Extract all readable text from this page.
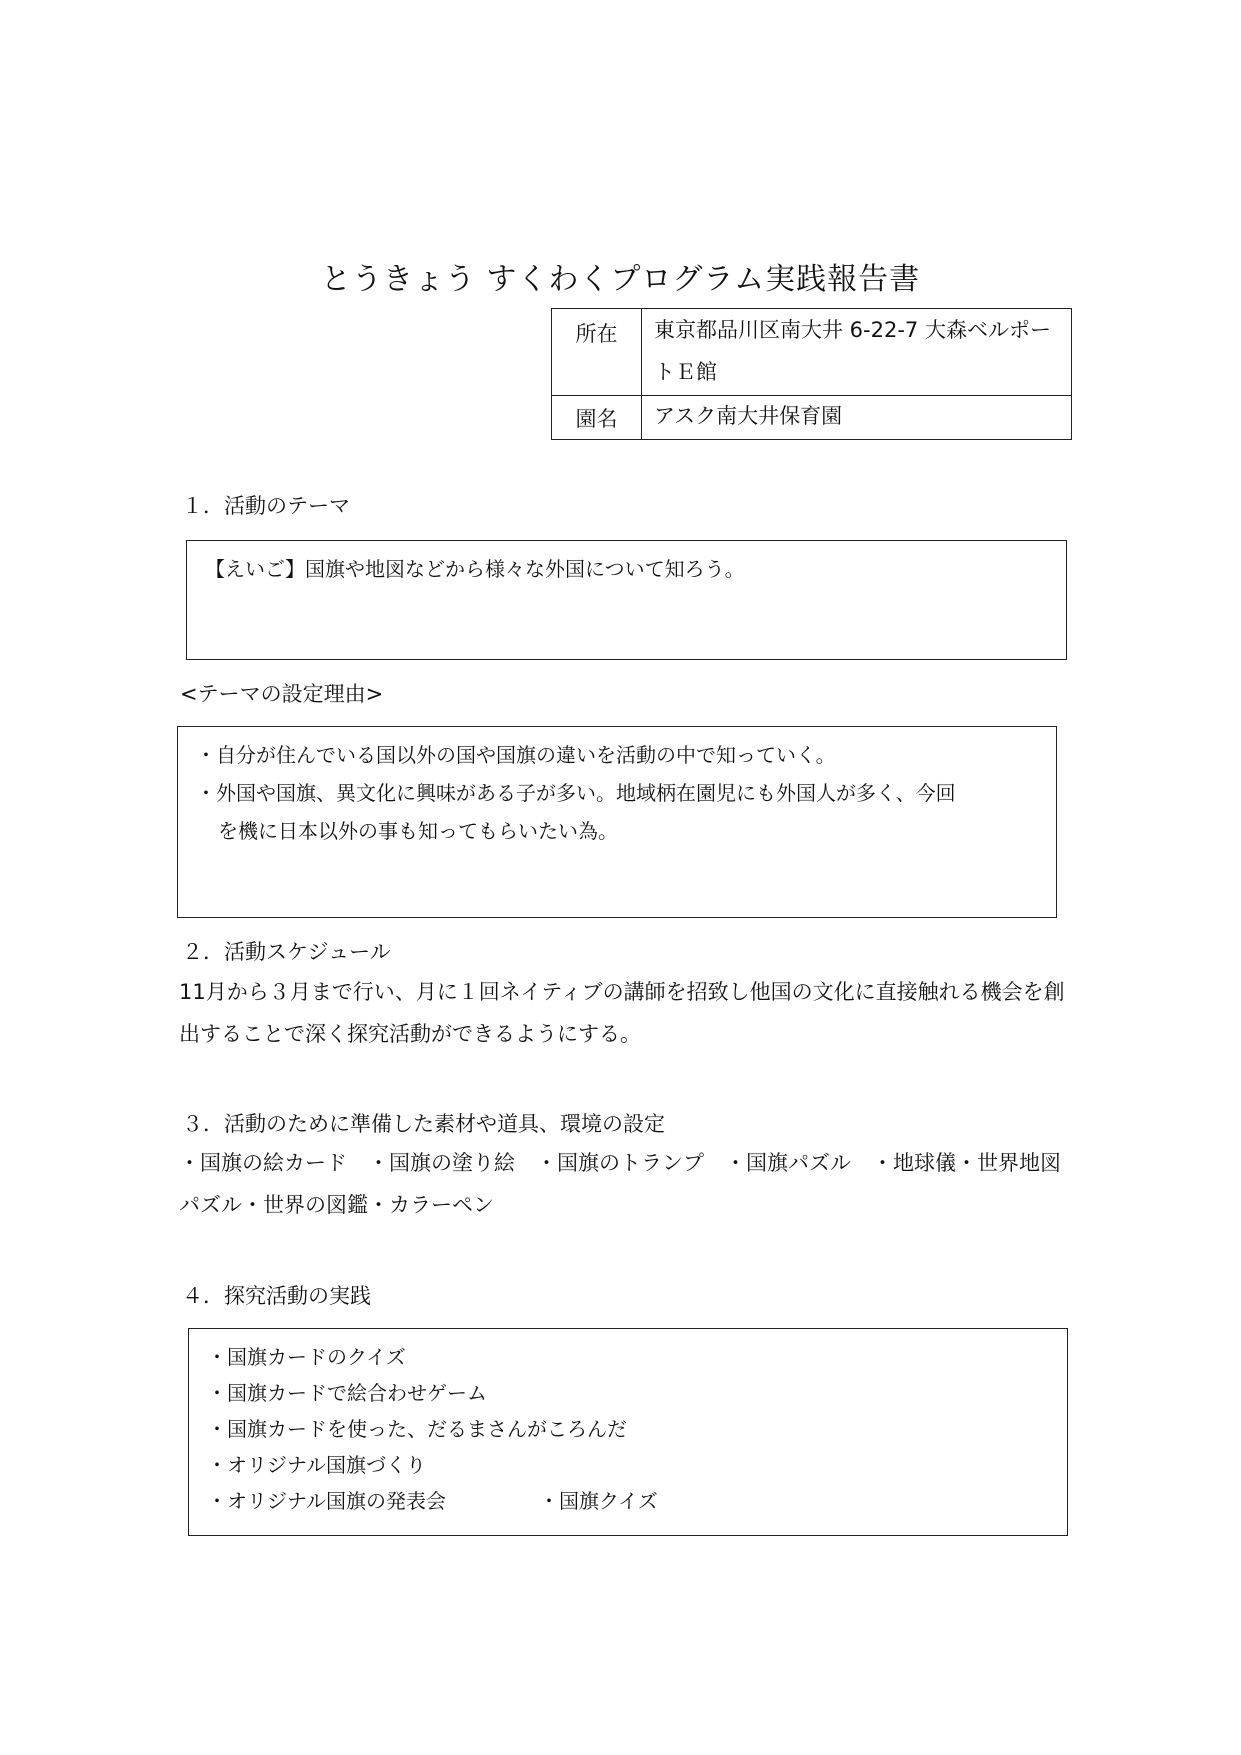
とうきょう すくわくプログラム実践報告書
所在	東京都品川区南大井 6-22-7 大森ベルポートＥ館
園名	アスク南大井保育園
１．活動のテーマ
【えいご】国旗や地図などから様々な外国について知ろう。
<テーマの設定理由>
・自分が住んでいる国以外の国や国旗の違いを活動の中で知っていく。
・外国や国旗、異文化に興味がある子が多い。地域柄在園児にも外国人が多く、今回
を機に日本以外の事も知ってもらいたい為。
２．活動スケジュール
11月から３月まで行い、月に１回ネイティブの講師を招致し他国の文化に直接触れる機会を創出することで深く探究活動ができるようにする。
３．活動のために準備した素材や道具、環境の設定
・国旗の絵カード　・国旗の塗り絵　・国旗のトランプ　・国旗パズル　・地球儀・世界地図パズル・世界の図鑑・カラーペン
４．探究活動の実践
・国旗カードのクイズ
・国旗カードで絵合わせゲーム
・国旗カードを使った、だるまさんがころんだ
・オリジナル国旗づくり
・オリジナル国旗の発表会	・国旗クイズ
